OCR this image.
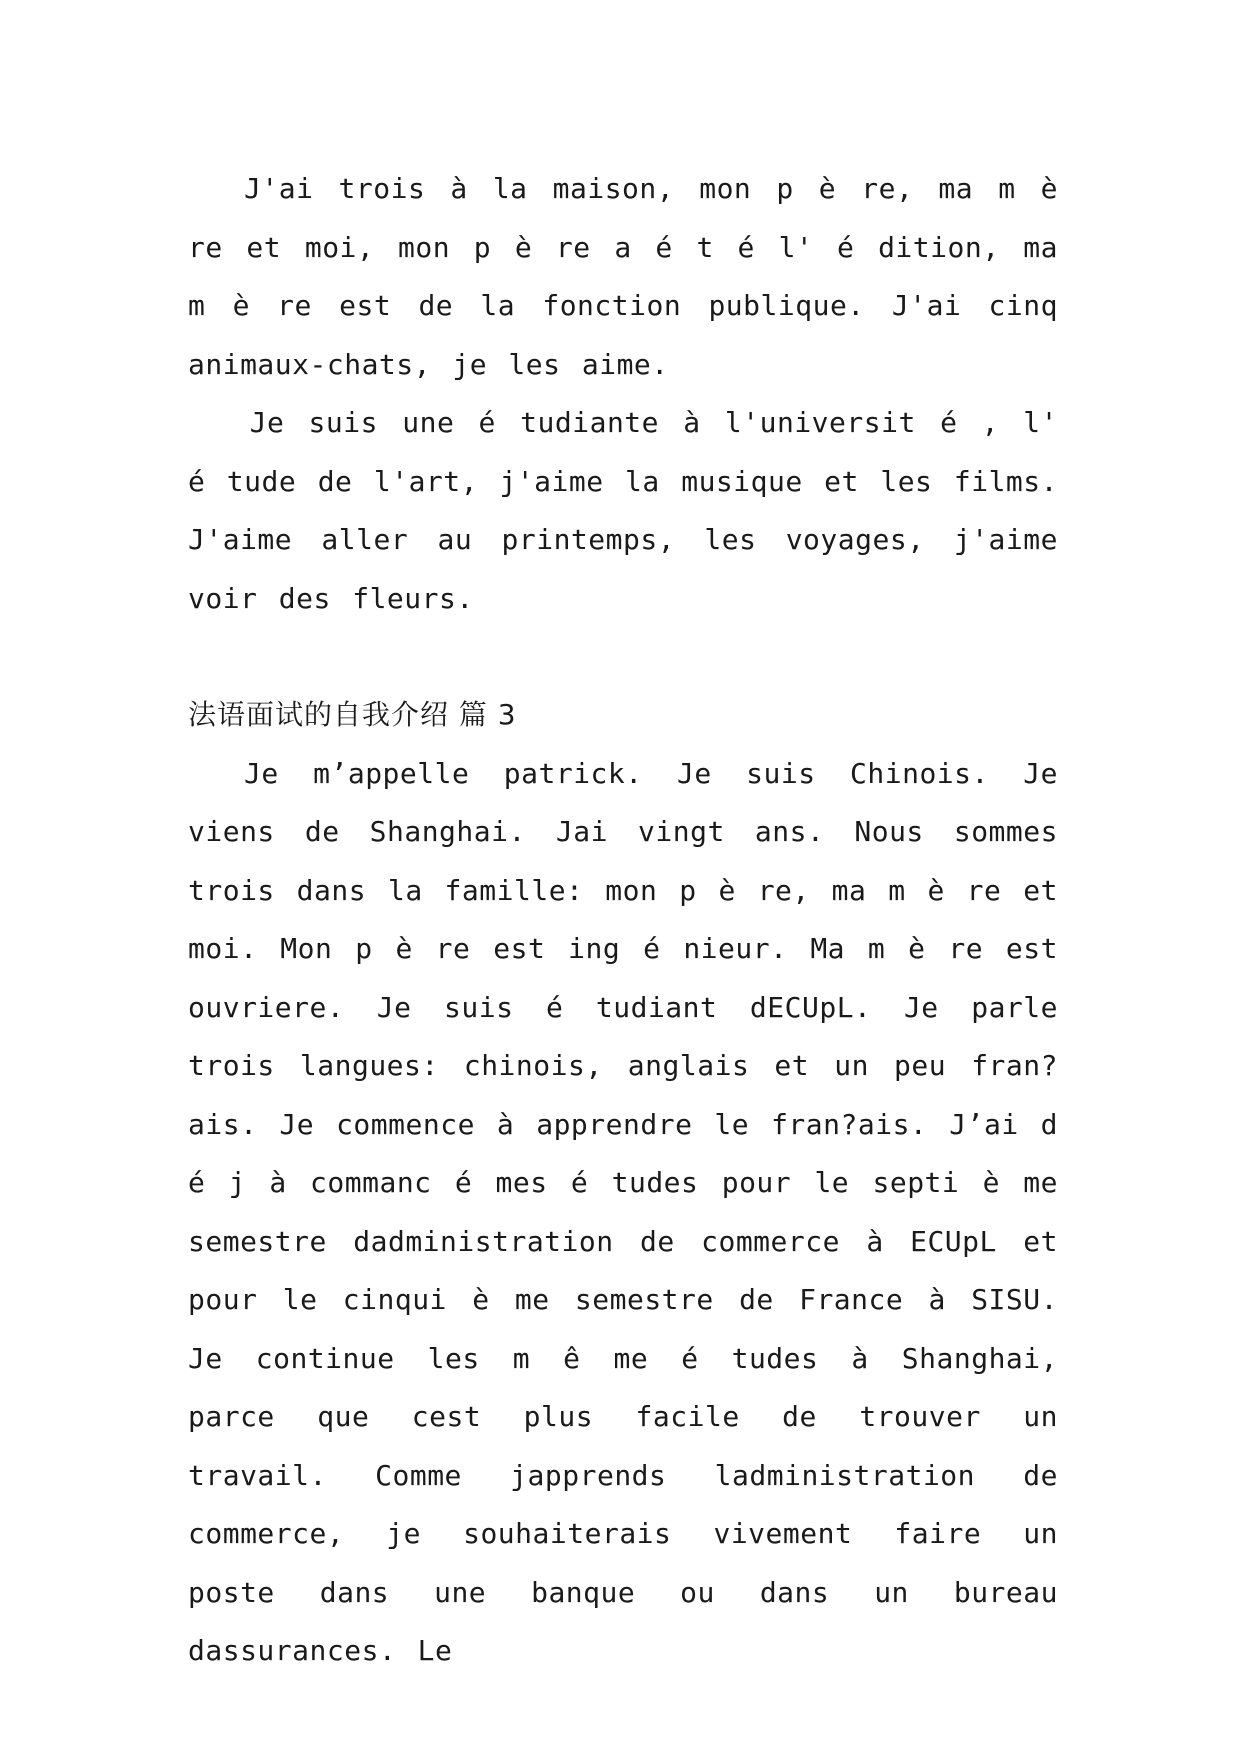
J'ai trois à la maison, mon p è re, ma m è re et moi, mon p è re a é t é l' é dition, ma m è re est de la fonction publique. J'ai cinq animaux-chats, je les aime.

Je suis une é tudiante à l'universit é , l' é tude de l'art, j'aime la musique et les films. J'aime aller au printemps, les voyages, j'aime voir des fleurs.

法语面试的自我介绍 篇 3

Je m’appelle patrick. Je suis Chinois. Je viens de Shanghai. Jai vingt ans. Nous sommes trois dans la famille: mon p è re, ma m è re et moi. Mon p è re est ing é nieur. Ma m è re est ouvriere. Je suis é tudiant dECUpL. Je parle trois langues: chinois, anglais et un peu fran?ais. Je commence à apprendre le fran?ais. J’ai d é j à commanc é mes é tudes pour le septi è me semestre dadministration de commerce à ECUpL et pour le cinqui è me semestre de France à SISU. Je continue les m ê me é tudes à Shanghai, parce que cest plus facile de trouver un travail. Comme japprends ladministration de commerce, je souhaiterais vivement faire un poste dans une banque ou dans un bureau dassurances. Le
